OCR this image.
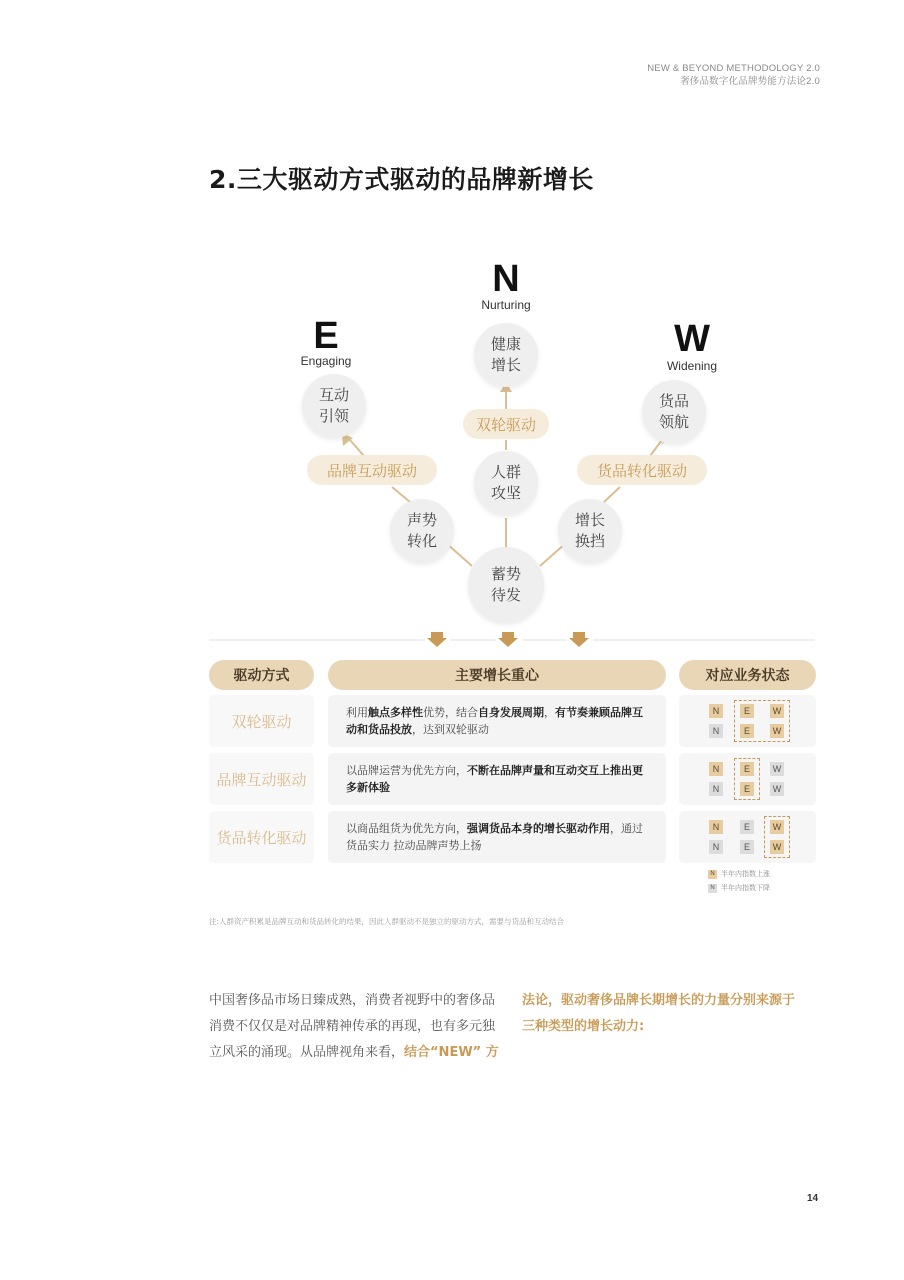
NEW & BEYOND METHODOLOGY 2.0
奢侈品数字化品牌势能方法论2.0
2.三大驱动方式驱动的品牌新增长
N
Nurturing
E
Engaging
W
Widening
健康
增长
互动
引领
货品
领航
人群
攻坚
声势
转化
增长
换挡
蓄势
待发
双轮驱动
品牌互动驱动	货品转化驱动
驱动方式	主要增长重心	对应业务状态
双轮驱动	利用触点多样性优势，结合自身发展周期，有节奏兼顾品牌互动和货品投放，达到双轮驱动
N	E	W
N	E	W
品牌互动驱动	以品牌运营为优先方向，不断在品牌声量和互动交互上推出更多新体验
N	E	W
N	E	W
货品转化驱动	以商品组货为优先方向，强调货品本身的增长驱动作用，通过货品实力 拉动品牌声势上扬
N	E	W
N	E	W
N 半年内指数上涨
N 半年内指数下降
注:人群资产积累是品牌互动和货品转化的结果，因此人群驱动不是独立的驱动方式，需要与货品和互动结合
中国奢侈品市场日臻成熟，消费者视野中的奢侈品
消费不仅仅是对品牌精神传承的再现，也有多元独
立风采的涌现。从品牌视角来看，结合“NEW” 方
法论，驱动奢侈品牌长期增长的力量分别来源于
三种类型的增长动力:
14
